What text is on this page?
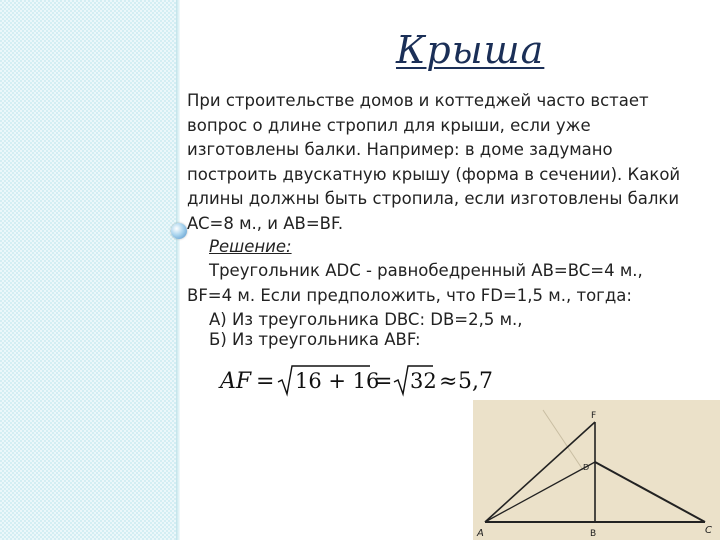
Крыша
При строительстве домов и коттеджей часто встает вопрос о длине стропил для крыши, если уже изготовлены балки. Например: в доме задумано построить двускатную крышу (форма в сечении). Какой длины должны быть стропила, если изготовлены балки AC=8 м., и AB=BF.
Решение:
Треугольник ADC - равнобедренный AB=BC=4 м.,
BF=4 м. Если предположить, что FD=1,5 м., тогда:
А) Из треугольника DBC: DB=2,5 м.,
Б) Из треугольника ABF:
AF = 16 + 16
= 32 ≈ 5,7
F
D
A	B	C
